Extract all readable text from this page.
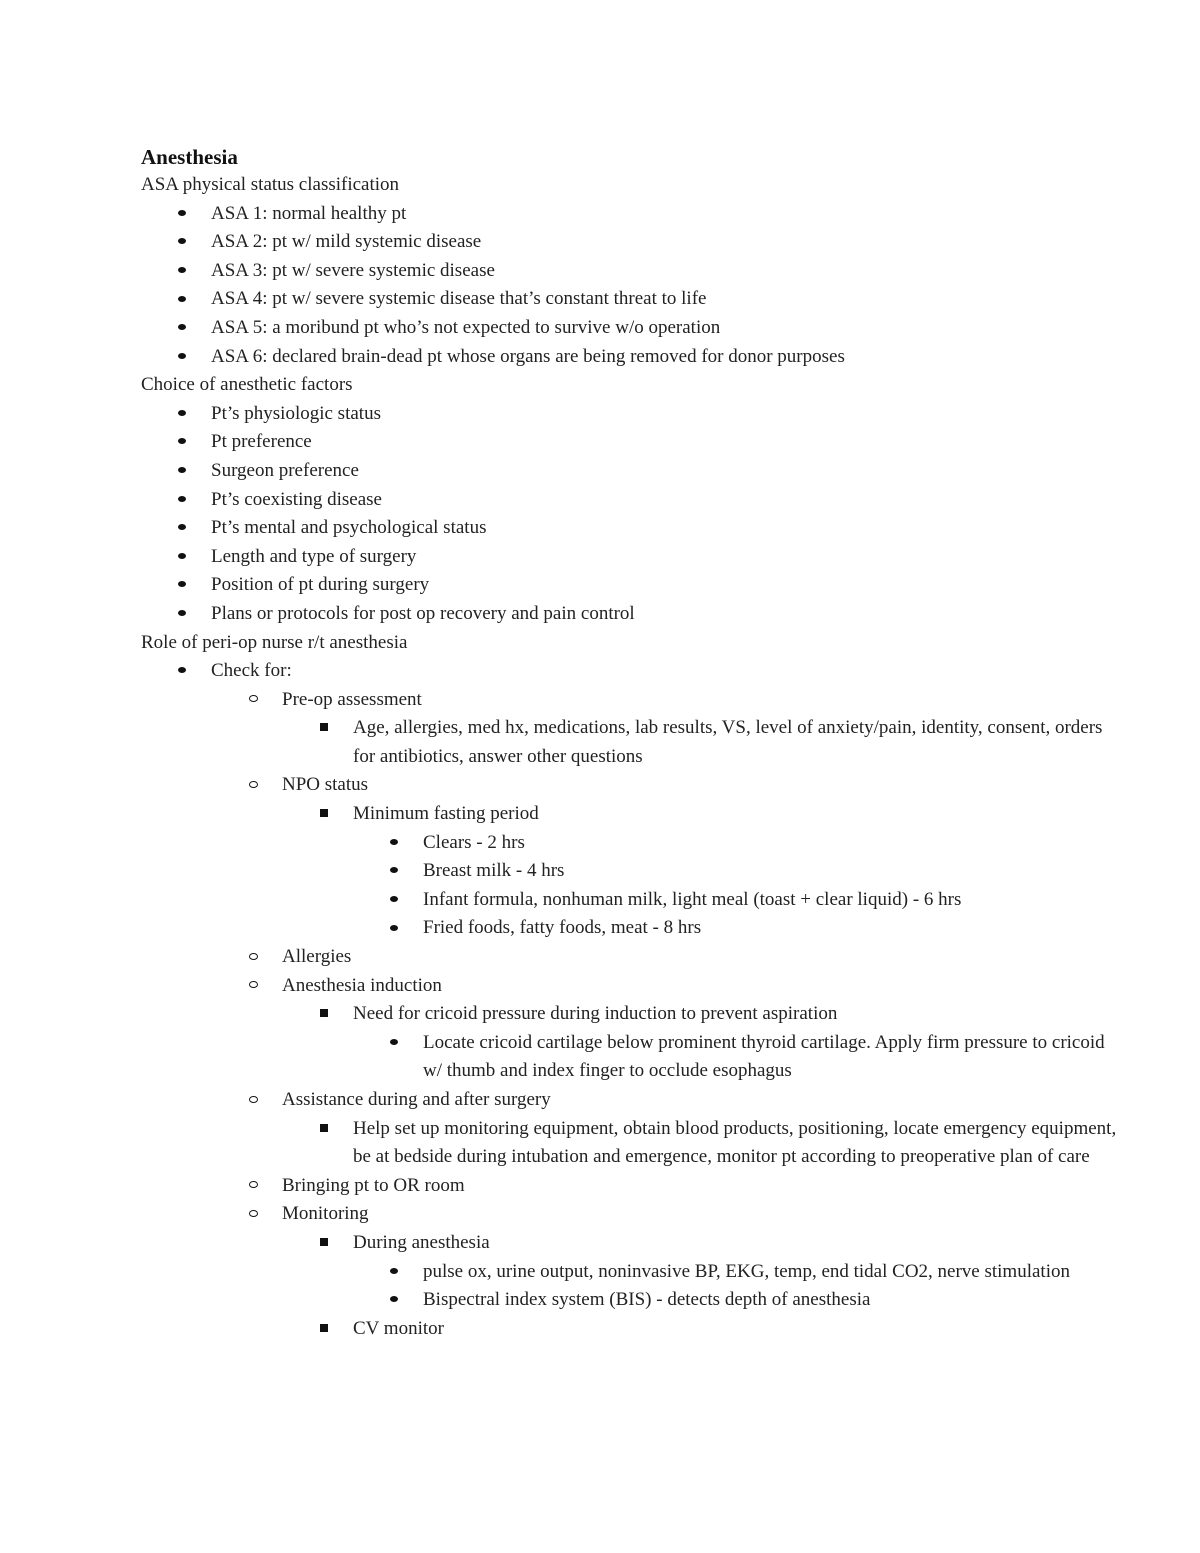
Anesthesia
ASA physical status classification
ASA 1: normal healthy pt
ASA 2: pt w/ mild systemic disease
ASA 3: pt w/ severe systemic disease
ASA 4: pt w/ severe systemic disease that’s constant threat to life
ASA 5: a moribund pt who’s not expected to survive w/o operation
ASA 6: declared brain-dead pt whose organs are being removed for donor purposes
Choice of anesthetic factors
Pt’s physiologic status
Pt preference
Surgeon preference
Pt’s coexisting disease
Pt’s mental and psychological status
Length and type of surgery
Position of pt during surgery
Plans or protocols for post op recovery and pain control
Role of peri-op nurse r/t anesthesia
Check for:
Pre-op assessment
Age, allergies, med hx, medications, lab results, VS, level of anxiety/pain, identity, consent, orders for antibiotics, answer other questions
NPO status
Minimum fasting period
Clears - 2 hrs
Breast milk - 4 hrs
Infant formula, nonhuman milk, light meal (toast + clear liquid) - 6 hrs
Fried foods, fatty foods, meat - 8 hrs
Allergies
Anesthesia induction
Need for cricoid pressure during induction to prevent aspiration
Locate cricoid cartilage below prominent thyroid cartilage. Apply firm pressure to cricoid w/ thumb and index finger to occlude esophagus
Assistance during and after surgery
Help set up monitoring equipment, obtain blood products, positioning, locate emergency equipment, be at bedside during intubation and emergence, monitor pt according to preoperative plan of care
Bringing pt to OR room
Monitoring
During anesthesia
pulse ox, urine output, noninvasive BP, EKG, temp, end tidal CO2, nerve stimulation
Bispectral index system (BIS) - detects depth of anesthesia
CV monitor
